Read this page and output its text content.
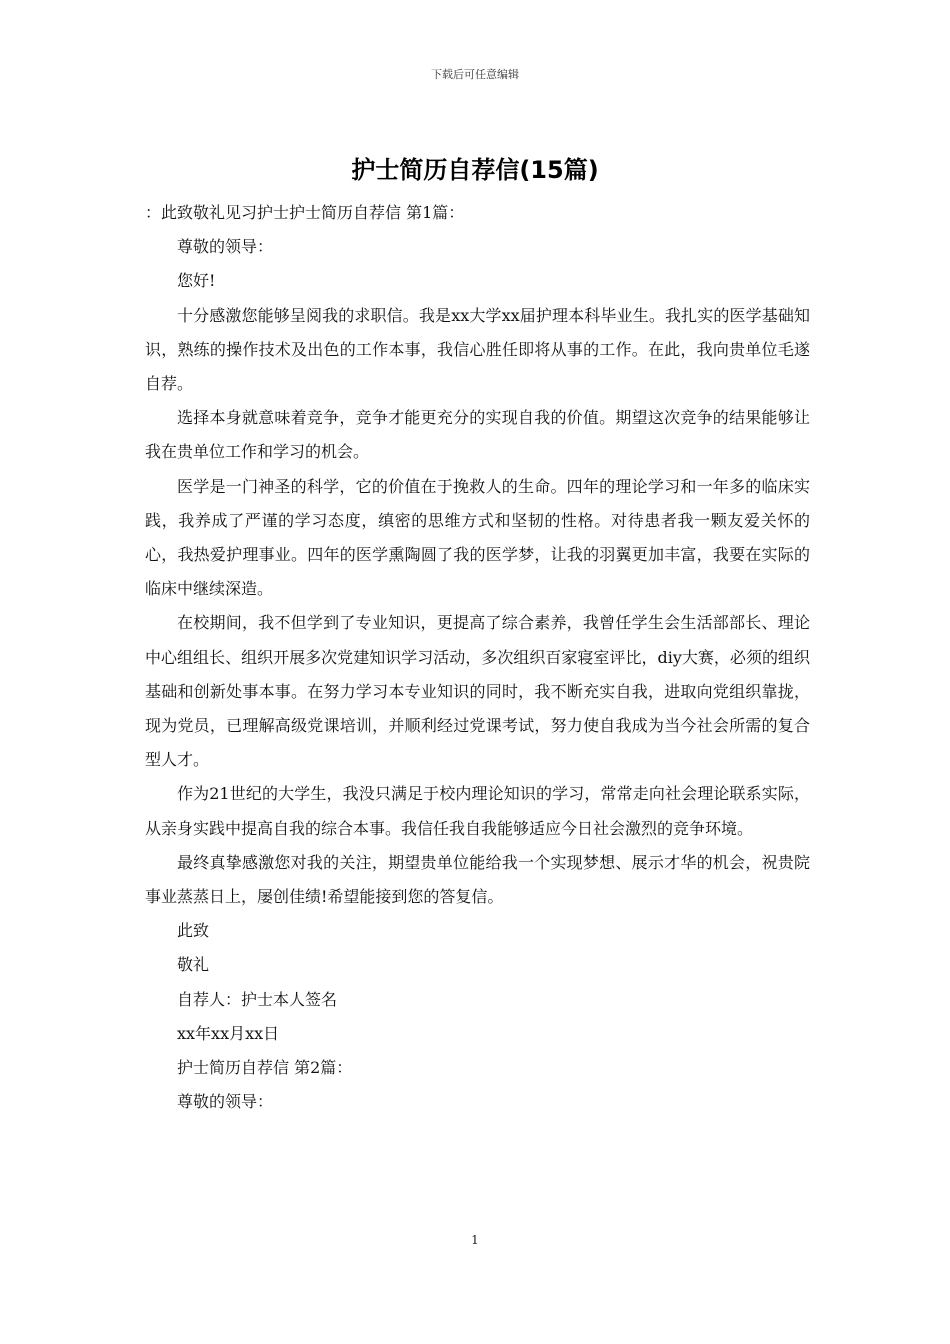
下载后可任意编辑
护士简历自荐信(15篇)

：此致敬礼见习护士护士简历自荐信 第1篇：

尊敬的领导：

您好!

十分感激您能够呈阅我的求职信。我是xx大学xx届护理本科毕业生。我扎实的医学基础知识，熟练的操作技术及出色的工作本事，我信心胜任即将从事的工作。在此，我向贵单位毛遂自荐。

选择本身就意味着竞争，竞争才能更充分的实现自我的价值。期望这次竞争的结果能够让我在贵单位工作和学习的机会。

医学是一门神圣的科学，它的价值在于挽救人的生命。四年的理论学习和一年多的临床实践，我养成了严谨的学习态度，缜密的思维方式和坚韧的性格。对待患者我一颗友爱关怀的心，我热爱护理事业。四年的医学熏陶圆了我的医学梦，让我的羽翼更加丰富，我要在实际的临床中继续深造。

在校期间，我不但学到了专业知识，更提高了综合素养，我曾任学生会生活部部长、理论中心组组长、组织开展多次党建知识学习活动，多次组织百家寝室评比，diy大赛，必须的组织基础和创新处事本事。在努力学习本专业知识的同时，我不断充实自我，进取向党组织靠拢，现为党员，已理解高级党课培训，并顺利经过党课考试，努力使自我成为当今社会所需的复合型人才。

作为21世纪的大学生，我没只满足于校内理论知识的学习，常常走向社会理论联系实际，从亲身实践中提高自我的综合本事。我信任我自我能够适应今日社会激烈的竞争环境。

最终真挚感激您对我的关注，期望贵单位能给我一个实现梦想、展示才华的机会，祝贵院事业蒸蒸日上，屡创佳绩!希望能接到您的答复信。

此致

敬礼

自荐人：护士本人签名

xx年xx月xx日

护士简历自荐信 第2篇：

尊敬的领导：

1
